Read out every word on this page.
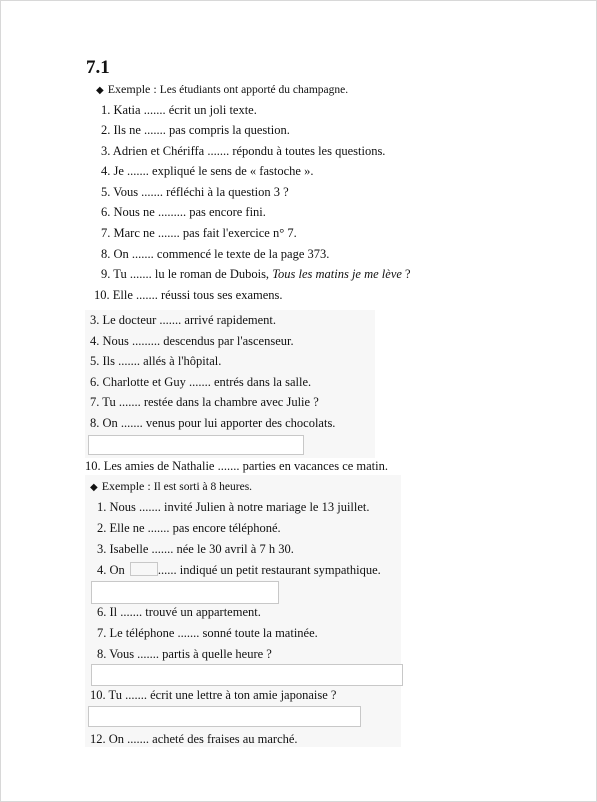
7.1
◆ Exemple : Les étudiants ont apporté du champagne.
1. Katia ....... écrit un joli texte.
2. Ils ne ....... pas compris la question.
3. Adrien et Chériffa ....... répondu à toutes les questions.
4. Je ....... expliqué le sens de « fastoche ».
5. Vous ....... réfléchi à la question 3 ?
6. Nous ne ......... pas encore fini.
7. Marc ne ....... pas fait l'exercice n° 7.
8. On ....... commencé le texte de la page 373.
9. Tu ....... lu le roman de Dubois, Tous les matins je me lève ?
10. Elle ....... réussi tous ses examens.
3. Le docteur ....... arrivé rapidement.
4. Nous ......... descendus par l'ascenseur.
5. Ils ....... allés à l'hôpital.
6. Charlotte et Guy ....... entrés dans la salle.
7. Tu ....... restée dans la chambre avec Julie ?
8. On ....... venus pour lui apporter des chocolats.
10. Les amies de Nathalie ....... parties en vacances ce matin.
◆ Exemple : Il est sorti à 8 heures.
1. Nous ....... invité Julien à notre mariage le 13 juillet.
2. Elle ne ....... pas encore téléphoné.
3. Isabelle ....... née le 30 avril à 7 h 30.
4. On ...... indiqué un petit restaurant sympathique.
6. Il ....... trouvé un appartement.
7. Le téléphone ....... sonné toute la matinée.
8. Vous ....... partis à quelle heure ?
10. Tu ....... écrit une lettre à ton amie japonaise ?
12. On ....... acheté des fraises au marché.
